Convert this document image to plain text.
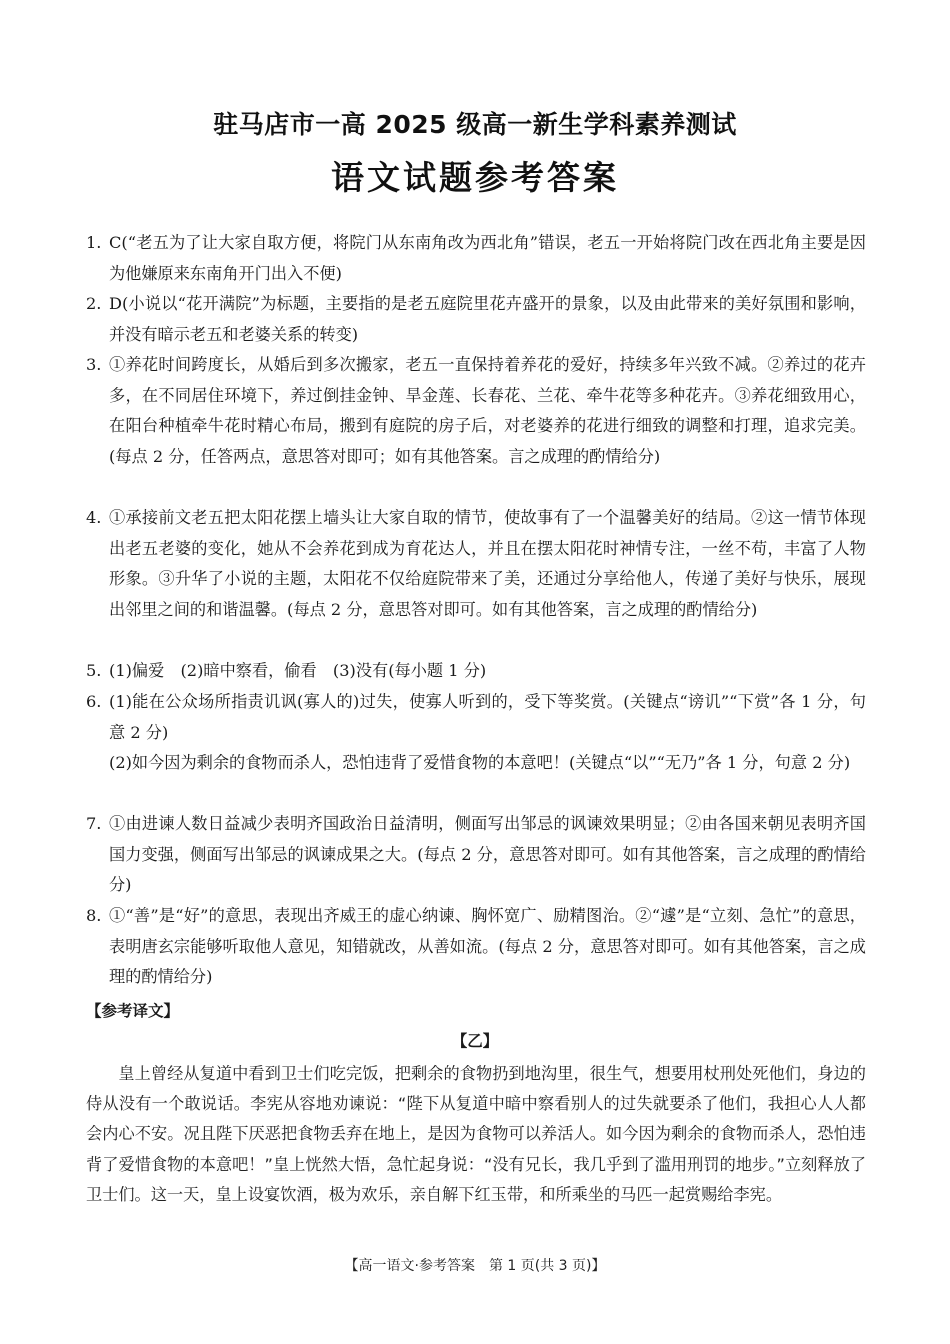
驻马店市一高 2025 级高一新生学科素养测试
语文试题参考答案
1. C(“老五为了让大家自取方便，将院门从东南角改为西北角”错误，老五一开始将院门改在西北角主要是因为他嫌原来东南角开门出入不便)
2. D(小说以“花开满院”为标题，主要指的是老五庭院里花卉盛开的景象，以及由此带来的美好氛围和影响，并没有暗示老五和老婆关系的转变)
3. ①养花时间跨度长，从婚后到多次搬家，老五一直保持着养花的爱好，持续多年兴致不减。②养过的花卉多，在不同居住环境下，养过倒挂金钟、旱金莲、长春花、兰花、牵牛花等多种花卉。③养花细致用心，在阳台种植牵牛花时精心布局，搬到有庭院的房子后，对老婆养的花进行细致的调整和打理，追求完美。(每点 2 分，任答两点，意思答对即可；如有其他答案。言之成理的酌情给分)
4. ①承接前文老五把太阳花摆上墙头让大家自取的情节，使故事有了一个温馨美好的结局。②这一情节体现出老五老婆的变化，她从不会养花到成为育花达人，并且在摆太阳花时神情专注，一丝不苟，丰富了人物形象。③升华了小说的主题，太阳花不仅给庭院带来了美，还通过分享给他人，传递了美好与快乐，展现出邻里之间的和谐温馨。(每点 2 分，意思答对即可。如有其他答案，言之成理的酌情给分)
5. (1)偏爱　(2)暗中察看，偷看　(3)没有(每小题 1 分)
6. (1)能在公众场所指责讥讽(寡人的)过失，使寡人听到的，受下等奖赏。(关键点“谤讥”“下赏”各 1 分，句意 2 分)
(2)如今因为剩余的食物而杀人，恐怕违背了爱惜食物的本意吧！(关键点“以”“无乃”各 1 分，句意 2 分)
7. ①由进谏人数日益减少表明齐国政治日益清明，侧面写出邹忌的讽谏效果明显；②由各国来朝见表明齐国国力变强，侧面写出邹忌的讽谏成果之大。(每点 2 分，意思答对即可。如有其他答案，言之成理的酌情给分)
8. ①“善”是“好”的意思，表现出齐威王的虚心纳谏、胸怀宽广、励精图治。②“遽”是“立刻、急忙”的意思，表明唐玄宗能够听取他人意见，知错就改，从善如流。(每点 2 分，意思答对即可。如有其他答案，言之成理的酌情给分)
【参考译文】
【乙】
皇上曾经从复道中看到卫士们吃完饭，把剩余的食物扔到地沟里，很生气，想要用杖刑处死他们，身边的侍从没有一个敢说话。李宪从容地劝谏说：“陛下从复道中暗中察看别人的过失就要杀了他们，我担心人人都会内心不安。况且陛下厌恶把食物丢弃在地上，是因为食物可以养活人。如今因为剩余的食物而杀人，恐怕违背了爱惜食物的本意吧！”皇上恍然大悟，急忙起身说：“没有兄长，我几乎到了滥用刑罚的地步。”立刻释放了卫士们。这一天，皇上设宴饮酒，极为欢乐，亲自解下红玉带，和所乘坐的马匹一起赏赐给李宪。
【高一语文·参考答案　第 1 页(共 3 页)】
